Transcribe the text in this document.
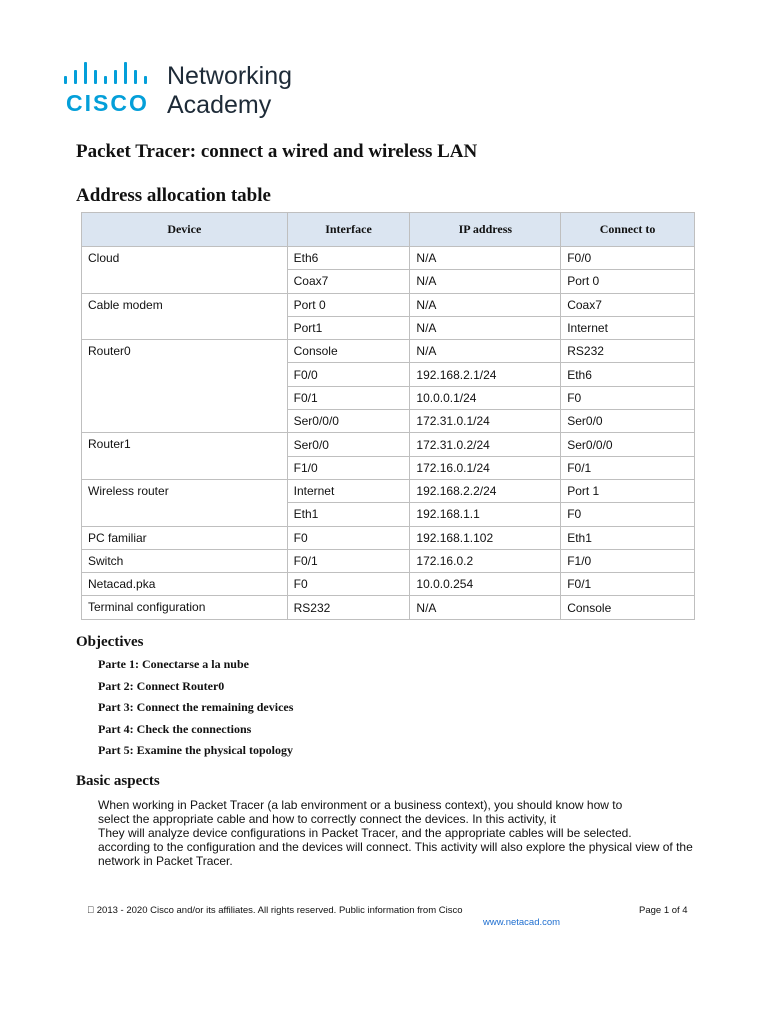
CISCO
Networking
Academy
Packet Tracer: connect a wired and wireless LAN
Address allocation table
Device	Interface	IP address	Connect to
Cloud	Eth6	N/A	F0/0
	Coax7	N/A	Port 0
Cable modem	Port 0	N/A	Coax7
	Port1	N/A	Internet
Router0	Console	N/A	RS232
	F0/0	192.168.2.1/24	Eth6
	F0/1	10.0.0.1/24	F0
	Ser0/0/0	172.31.0.1/24	Ser0/0
Router1	Ser0/0	172.31.0.2/24	Ser0/0/0
	F1/0	172.16.0.1/24	F0/1
Wireless router	Internet	192.168.2.2/24	Port 1
	Eth1	192.168.1.1	F0
PC familiar	F0	192.168.1.102	Eth1
Switch	F0/1	172.16.0.2	F1/0
Netacad.pka	F0	10.0.0.254	F0/1
Terminal configuration	RS232	N/A	Console
Objectives
Parte 1: Conectarse a la nube
Part 2: Connect Router0
Part 3: Connect the remaining devices
Part 4: Check the connections
Part 5: Examine the physical topology
Basic aspects
When working in Packet Tracer (a lab environment or a business context), you should know how to
select the appropriate cable and how to correctly connect the devices. In this activity, it
They will analyze device configurations in Packet Tracer, and the appropriate cables will be selected.
according to the configuration and the devices will connect. This activity will also explore the physical view of the
network in Packet Tracer.
2013 - 2020 Cisco and/or its affiliates. All rights reserved. Public information from Cisco	Page 1 of 4
www.netacad.com
